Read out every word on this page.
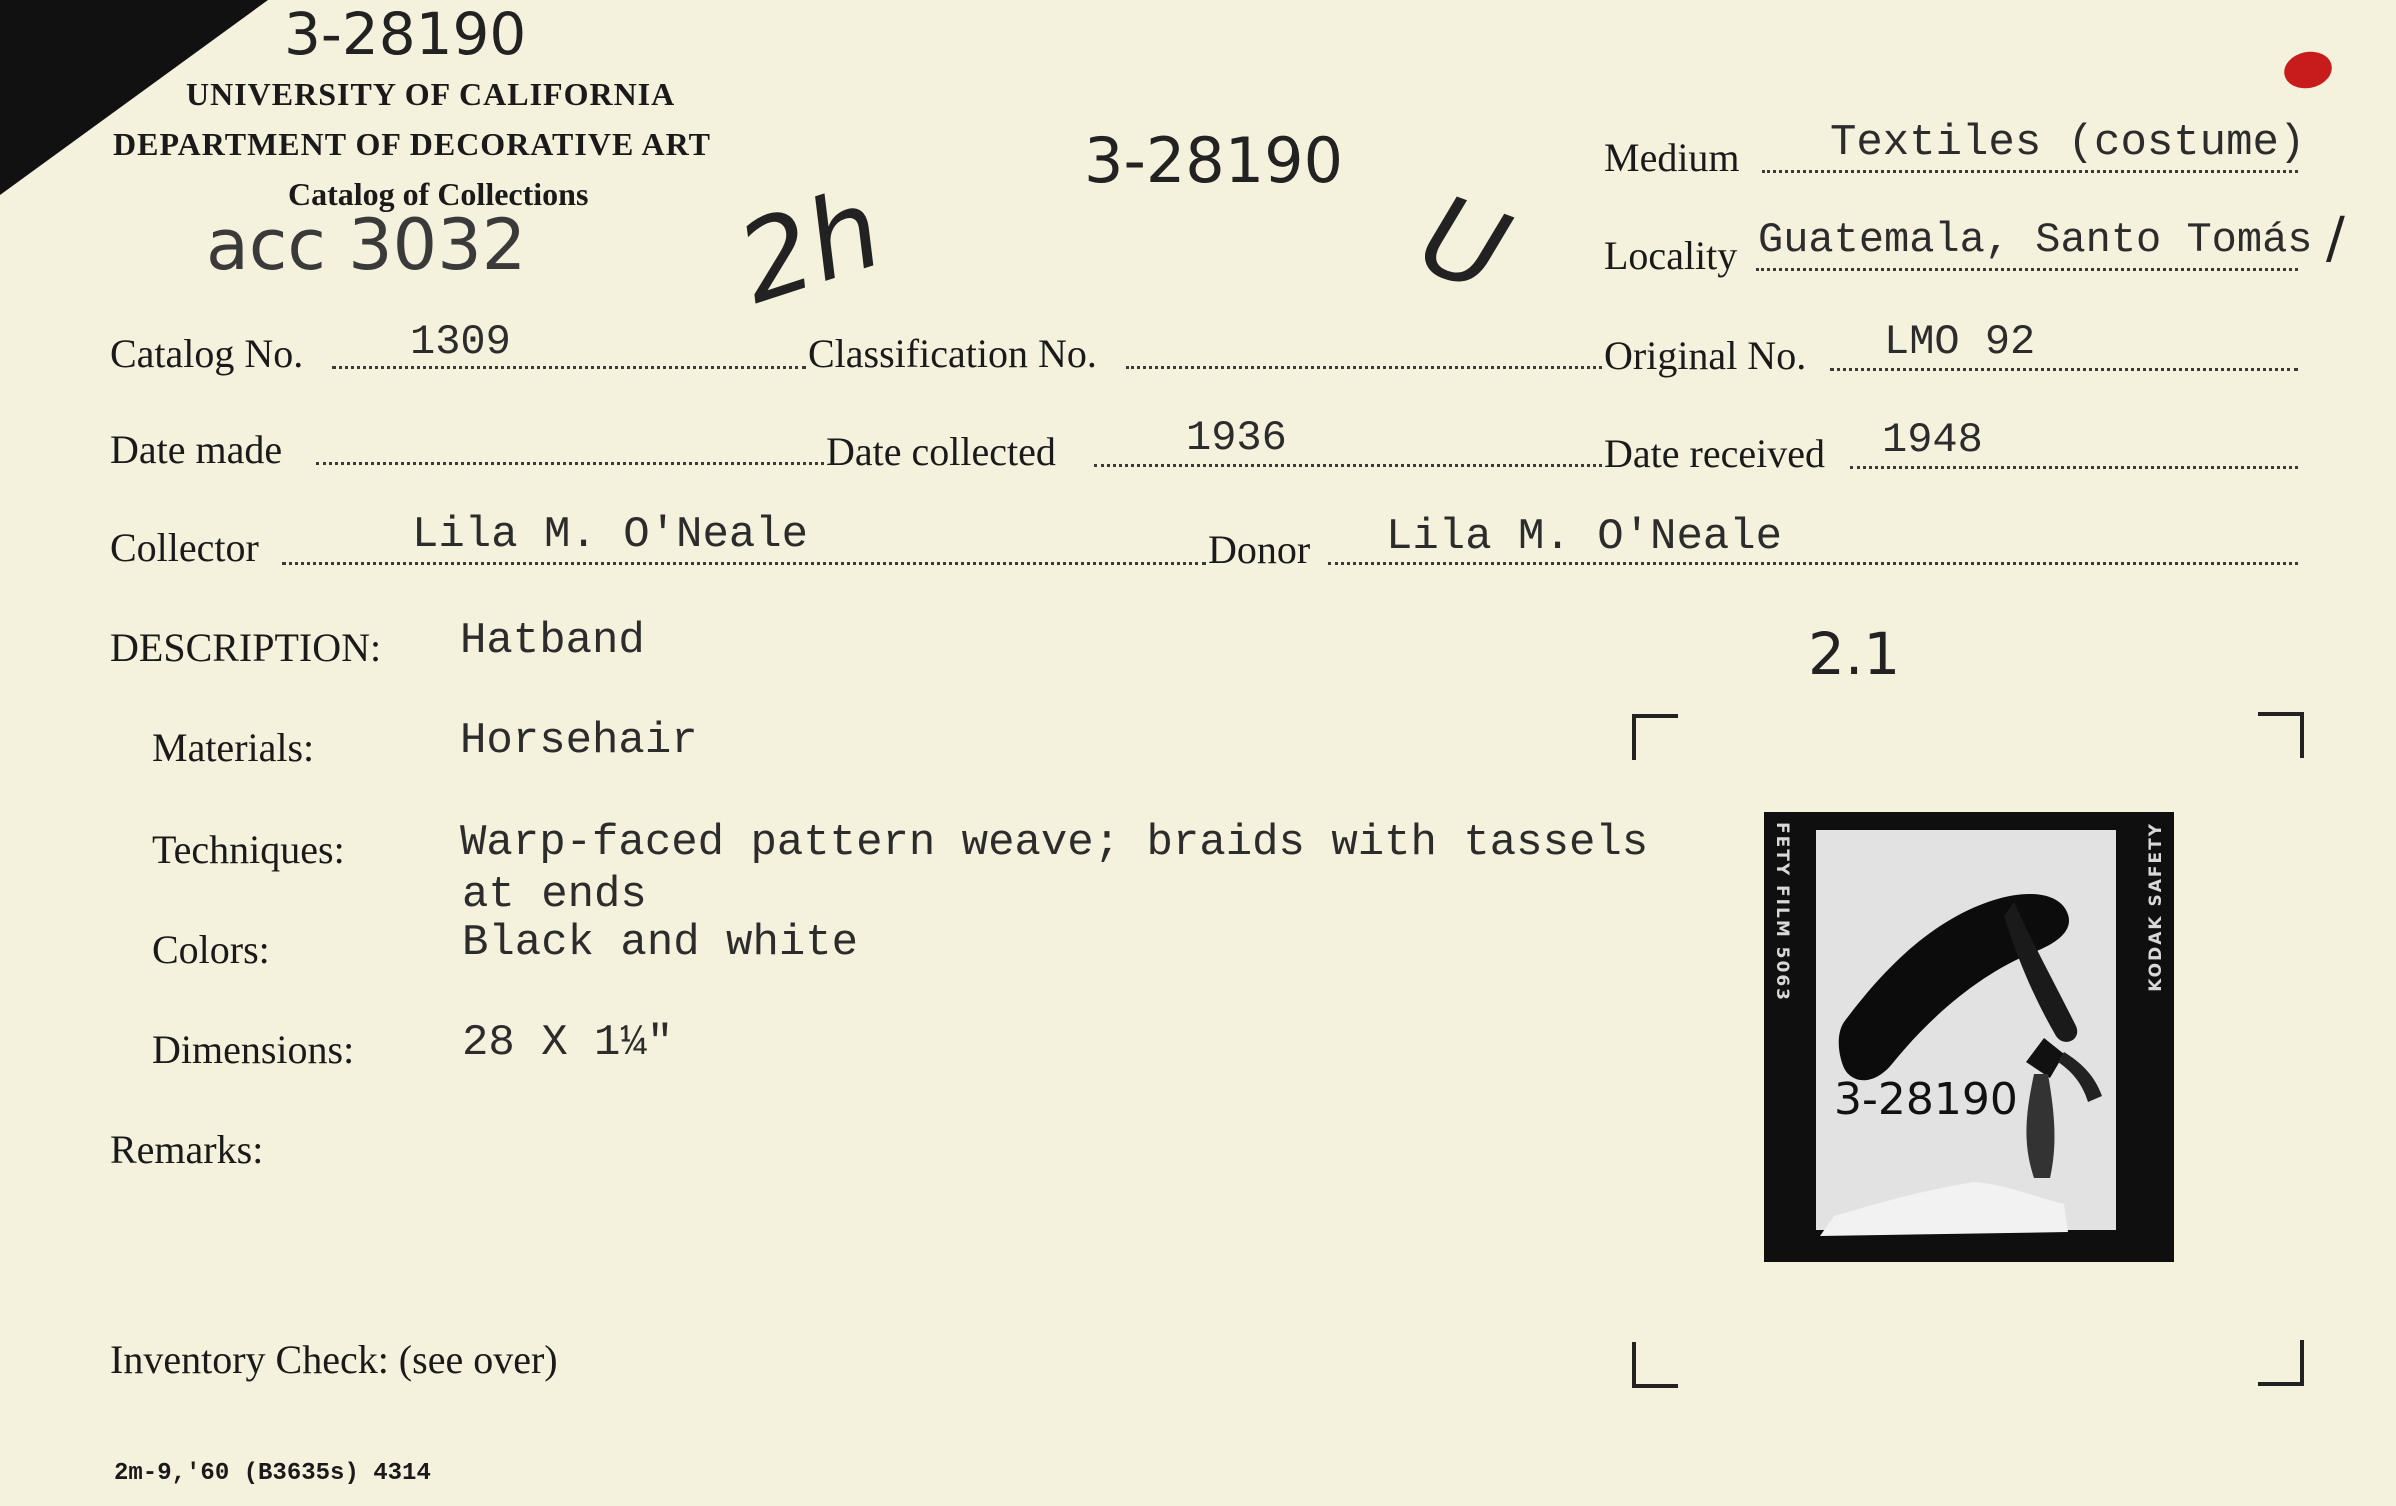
3-28190
UNIVERSITY OF CALIFORNIA
DEPARTMENT OF DECORATIVE ART
Catalog of Collections
acc 3032 2h
3-28190
U
Medium Textiles (costume)
Locality Guatemala, Santo Tomás /
Catalog No.	1309	Classification No.	Original No. LMO 92
Date made	Date collected	1936	Date received 1948
Collector	Lila M. O'Neale	Donor Lila M. O'Neale
DESCRIPTION: Hatband
Materials:	Horsehair
Techniques:	Warp-faced pattern weave; braids with tassels
at ends
Colors:	Black and white
Dimensions: 28 X 1¼"
Remarks:
2.1
FETY FILM 5063
3-28190
KODAK SAFETY
Inventory Check: (see over)
2m-9,'60 (B3635s) 4314
